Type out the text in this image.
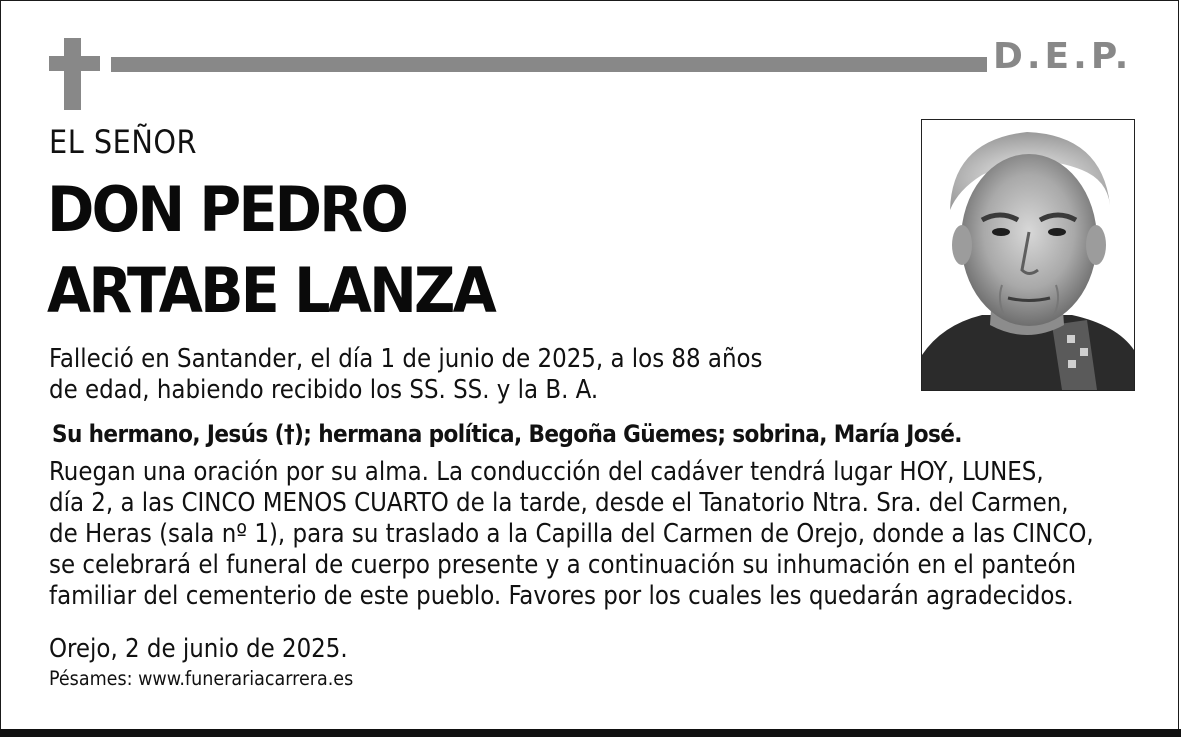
D.E.P.
EL SEÑOR
DON PEDRO
ARTABE LANZA
Falleció en Santander, el día 1 de junio de 2025, a los 88 años
de edad, habiendo recibido los SS. SS. y la B. A.
Su hermano, Jesús (†); hermana política, Begoña Güemes; sobrina, María José.
Ruegan una oración por su alma. La conducción del cadáver tendrá lugar HOY, LUNES,
día 2, a las CINCO MENOS CUARTO de la tarde, desde el Tanatorio Ntra. Sra. del Carmen,
de Heras (sala nº 1), para su traslado a la Capilla del Carmen de Orejo, donde a las CINCO,
se celebrará el funeral de cuerpo presente y a continuación su inhumación en el panteón
familiar del cementerio de este pueblo. Favores por los cuales les quedarán agradecidos.
Orejo, 2 de junio de 2025.
Pésames: www.funerariacarrera.es
